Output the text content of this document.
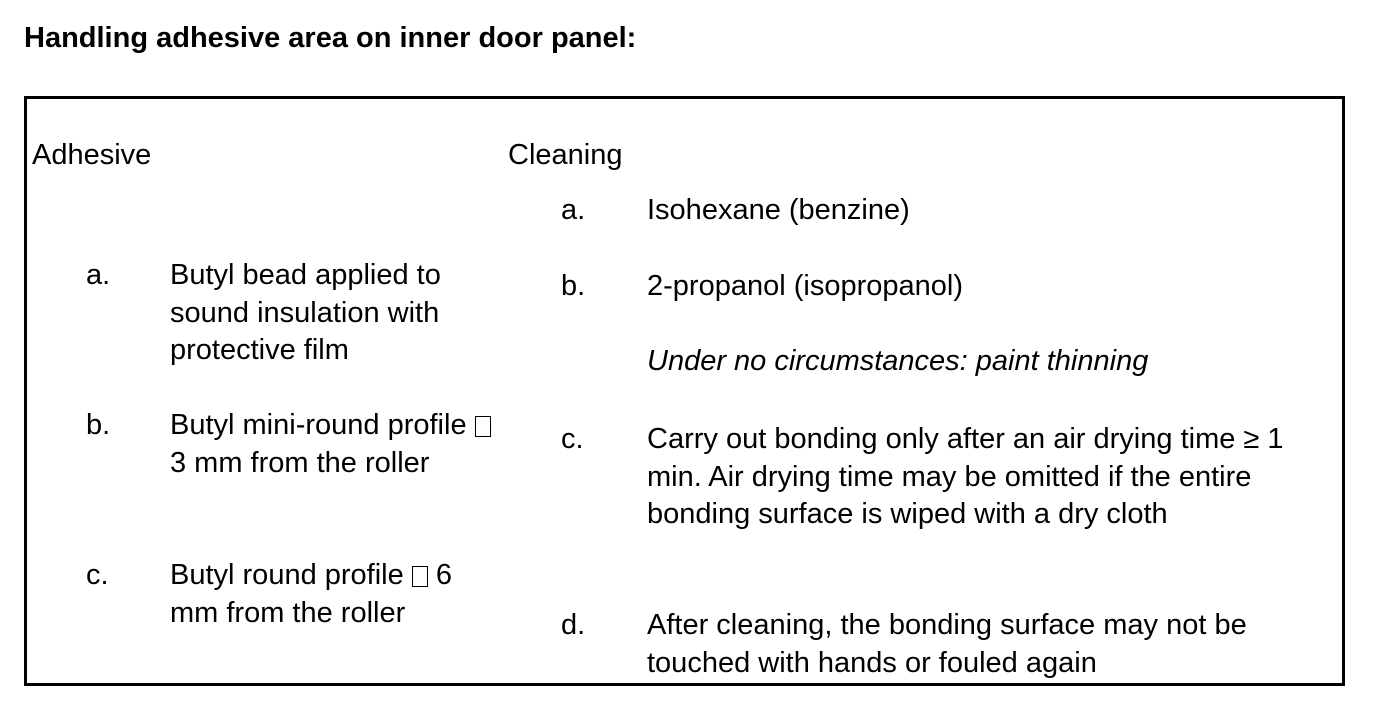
Handling adhesive area on inner door panel:
Adhesive
a. Butyl bead applied to sound insulation with protective film
b. Butyl mini-round profile  3 mm from the roller
c. Butyl round profile 6 mm from the roller
Cleaning
a. Isohexane (benzine)
b. 2-propanol (isopropanol)
Under no circumstances: paint thinning
c. Carry out bonding only after an air drying time ≥ 1 min. Air drying time may be omitted if the entire bonding surface is wiped with a dry cloth
d. After cleaning, the bonding surface may not be touched with hands or fouled again
